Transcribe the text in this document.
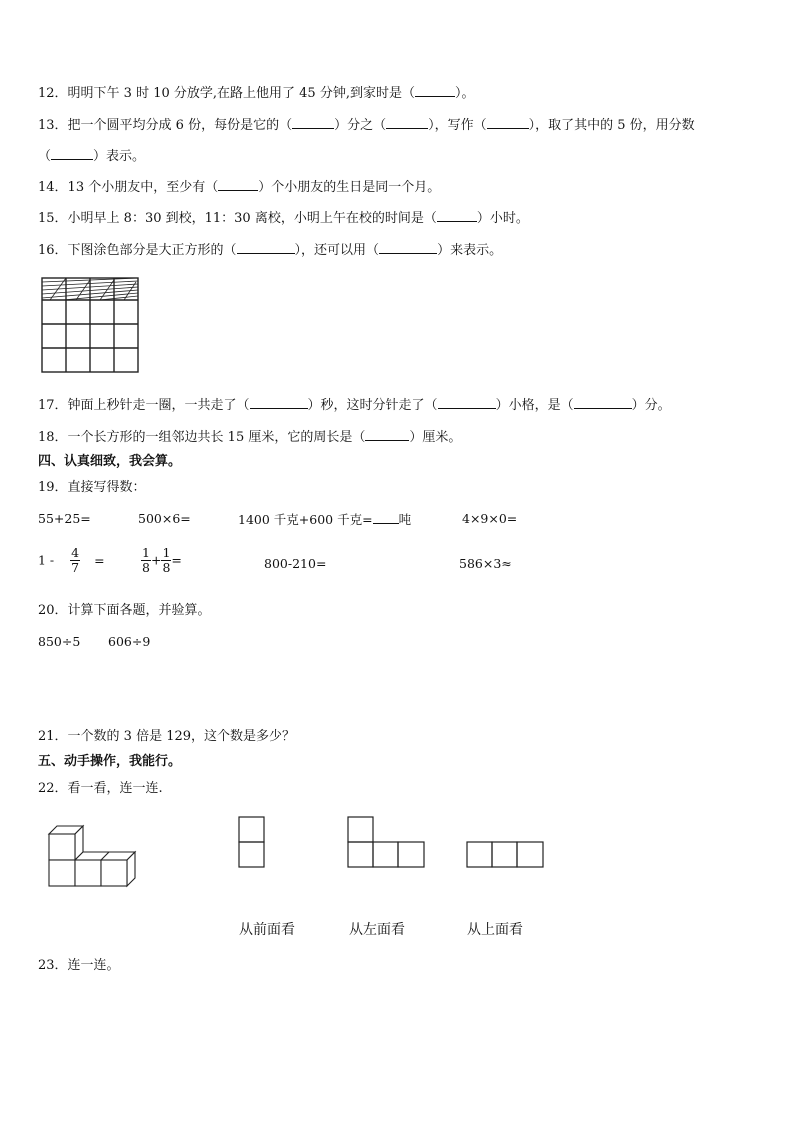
12．明明下午 3 时 10 分放学,在路上他用了 45 分钟,到家时是（	）。
13．把一个圆平均分成 6 份，每份是它的（	）分之（	），写作（	），取了其中的 5 份，用分数
（	）表示。
14．13 个小朋友中，至少有（	）个小朋友的生日是同一个月。
15．小明早上 8：30 到校，11：30 离校，小明上午在校的时间是（	）小时。
16．下图涂色部分是大正方形的（	），还可以用（	）来表示。
17．钟面上秒针走一圈，一共走了（	）秒，这时分针走了（	）小格，是（	）分。
18．一个长方形的一组邻边共长 15 厘米，它的周长是（	）厘米。
四、认真细致，我会算。
19．直接写得数：
55+25=	500×6=	1400 千克+600 千克= 吨	4×9×0=
$1 - \frac{4}{7}$ =	$\frac{1}{8} + \frac{1}{8}$ =	800-210=	586×3≈
20．计算下面各题，并验算。
850÷5 606÷9
21．一个数的 3 倍是 129，这个数是多少？
五、动手操作，我能行。
22．看一看，连一连.
从前面看	从左面看	从上面看
23．连一连。
